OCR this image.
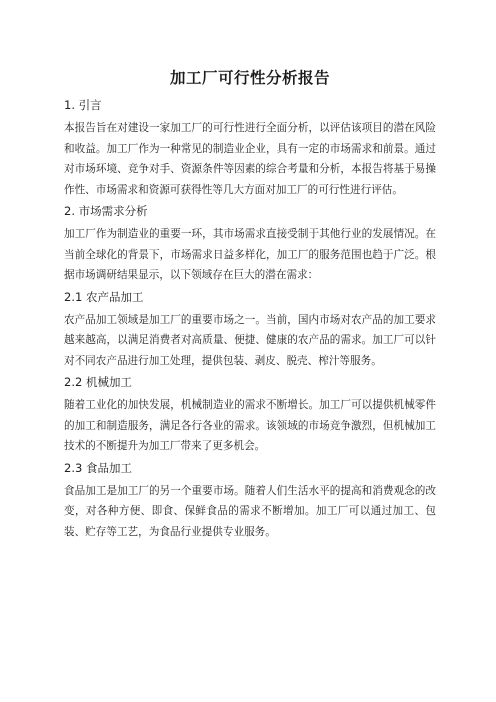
加工厂可行性分析报告
1. 引言

本报告旨在对建设一家加工厂的可行性进行全面分析，以评估该项目的潜在风险和收益。加工厂作为一种常见的制造业企业，具有一定的市场需求和前景。通过对市场环境、竞争对手、资源条件等因素的综合考量和分析，本报告将基于易操作性、市场需求和资源可获得性等几大方面对加工厂的可行性进行评估。

2. 市场需求分析

加工厂作为制造业的重要一环，其市场需求直接受制于其他行业的发展情况。在当前全球化的背景下，市场需求日益多样化，加工厂的服务范围也趋于广泛。根据市场调研结果显示，以下领域存在巨大的潜在需求：

2.1 农产品加工

农产品加工领域是加工厂的重要市场之一。当前，国内市场对农产品的加工要求越来越高，以满足消费者对高质量、便捷、健康的农产品的需求。加工厂可以针对不同农产品进行加工处理，提供包装、剥皮、脱壳、榨汁等服务。

2.2 机械加工

随着工业化的加快发展，机械制造业的需求不断增长。加工厂可以提供机械零件的加工和制造服务，满足各行各业的需求。该领域的市场竞争激烈，但机械加工技术的不断提升为加工厂带来了更多机会。

2.3 食品加工

食品加工是加工厂的另一个重要市场。随着人们生活水平的提高和消费观念的改变，对各种方便、即食、保鲜食品的需求不断增加。加工厂可以通过加工、包装、贮存等工艺，为食品行业提供专业服务。
